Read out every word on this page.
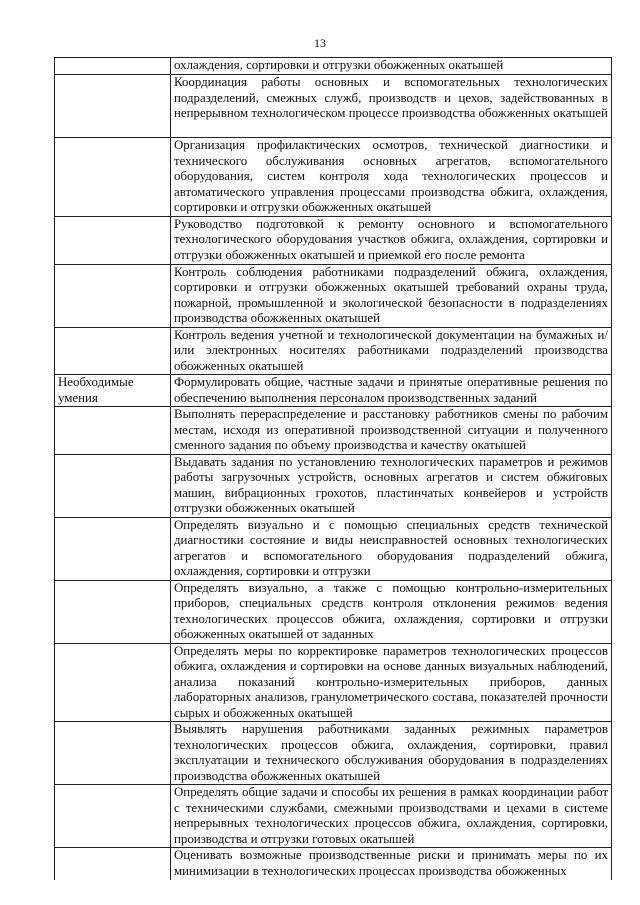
13
	охлаждения, сортировки и отгрузки обожженных окатышей
	Координация работы основных и вспомогательных технологических подразделений, смежных служб, производств и цехов, задействованных в непрерывном технологическом процессе производства обожженных окатышей
	Организация профилактических осмотров, технической диагностики и технического обслуживания основных агрегатов, вспомогательного оборудования, систем контроля хода технологических процессов и автоматического управления процессами производства обжига, охлаждения, сортировки и отгрузки обожженных окатышей
	Руководство подготовкой к ремонту основного и вспомогательного технологического оборудования участков обжига, охлаждения, сортировки и отгрузки обожженных окатышей и приемкой его после ремонта
	Контроль соблюдения работниками подразделений обжига, охлаждения, сортировки и отгрузки обожженных окатышей требований охраны труда, пожарной, промышленной и экологической безопасности в подразделениях производства обожженных окатышей
	Контроль ведения учетной и технологической документации на бумажных и/или электронных носителях работниками подразделений производства обожженных окатышей
Необходимые умения	Формулировать общие, частные задачи и принятые оперативные решения по обеспечению выполнения персоналом производственных заданий
	Выполнять перераспределение и расстановку работников смены по рабочим местам, исходя из оперативной производственной ситуации и полученного сменного задания по объему производства и качеству окатышей
	Выдавать задания по установлению технологических параметров и режимов работы загрузочных устройств, основных агрегатов и систем обжиговых машин, вибрационных грохотов, пластинчатых конвейеров и устройств отгрузки обожженных окатышей
	Определять визуально и с помощью специальных средств технической диагностики состояние и виды неисправностей основных технологических агрегатов и вспомогательного оборудования подразделений обжига, охлаждения, сортировки и отгрузки
	Определять визуально, а также с помощью контрольно-измерительных приборов, специальных средств контроля отклонения режимов ведения технологических процессов обжига, охлаждения, сортировки и отгрузки обожженных окатышей от заданных
	Определять меры по корректировке параметров технологических процессов обжига, охлаждения и сортировки на основе данных визуальных наблюдений, анализа показаний контрольно-измерительных приборов, данных лабораторных анализов, гранулометрического состава, показателей прочности сырых и обожженных окатышей
	Выявлять нарушения работниками заданных режимных параметров технологических процессов обжига, охлаждения, сортировки, правил эксплуатации и технического обслуживания оборудования в подразделениях производства обожженных окатышей
	Определять общие задачи и способы их решения в рамках координации работ с техническими службами, смежными производствами и цехами в системе непрерывных технологических процессов обжига, охлаждения, сортировки, производства и отгрузки готовых окатышей
	Оценивать возможные производственные риски и принимать меры по их минимизации в технологических процессах производства обожженных
